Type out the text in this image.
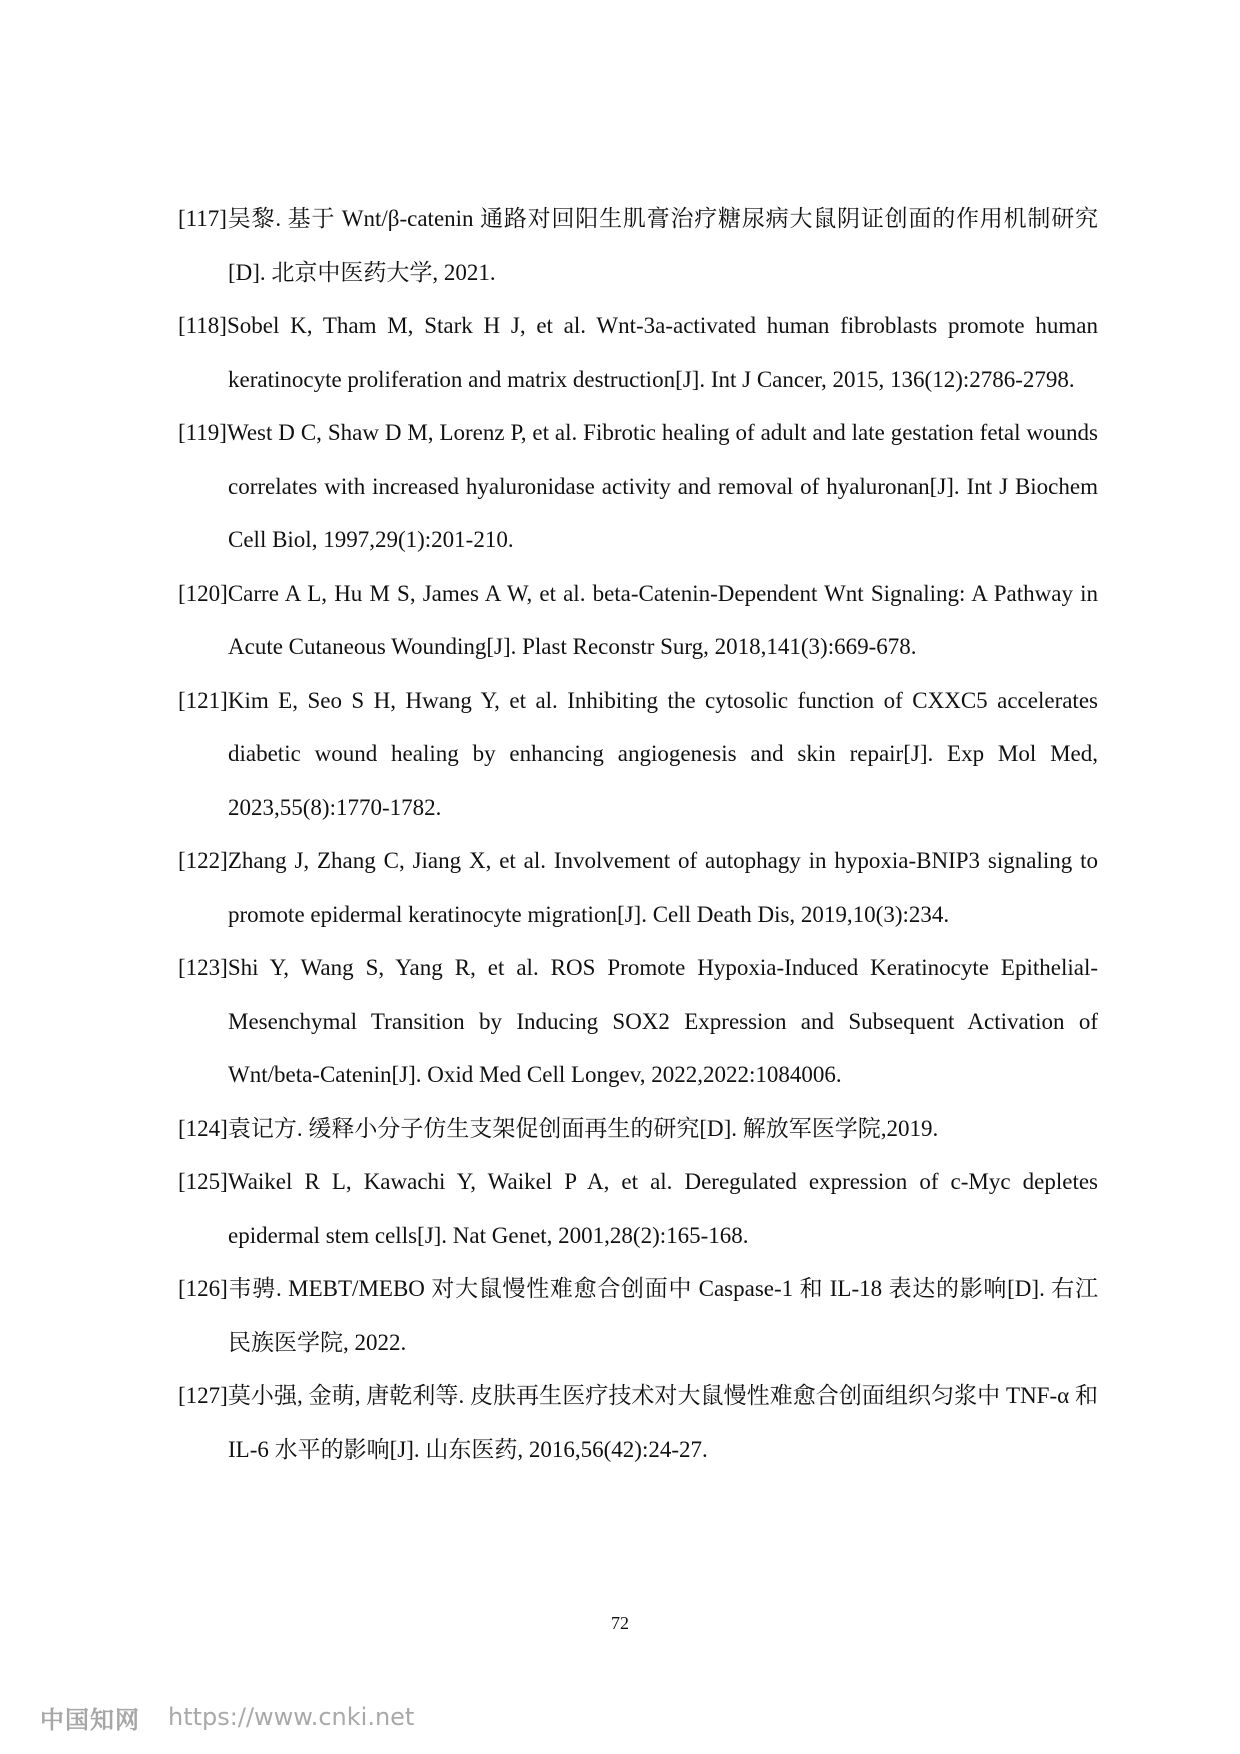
[117]吴黎. 基于 Wnt/β-catenin 通路对回阳生肌膏治疗糖尿病大鼠阴证创面的作用机制研究[D]. 北京中医药大学, 2021.
[118]Sobel K, Tham M, Stark H J, et al. Wnt-3a-activated human fibroblasts promote human keratinocyte proliferation and matrix destruction[J]. Int J Cancer, 2015, 136(12):2786-2798.
[119]West D C, Shaw D M, Lorenz P, et al. Fibrotic healing of adult and late gestation fetal wounds correlates with increased hyaluronidase activity and removal of hyaluronan[J]. Int J Biochem Cell Biol, 1997,29(1):201-210.
[120]Carre A L, Hu M S, James A W, et al. beta-Catenin-Dependent Wnt Signaling: A Pathway in Acute Cutaneous Wounding[J]. Plast Reconstr Surg, 2018,141(3):669-678.
[121]Kim E, Seo S H, Hwang Y, et al. Inhibiting the cytosolic function of CXXC5 accelerates diabetic wound healing by enhancing angiogenesis and skin repair[J]. Exp Mol Med, 2023,55(8):1770-1782.
[122]Zhang J, Zhang C, Jiang X, et al. Involvement of autophagy in hypoxia-BNIP3 signaling to promote epidermal keratinocyte migration[J]. Cell Death Dis, 2019,10(3):234.
[123]Shi Y, Wang S, Yang R, et al. ROS Promote Hypoxia-Induced Keratinocyte Epithelial-Mesenchymal Transition by Inducing SOX2 Expression and Subsequent Activation of Wnt/beta-Catenin[J]. Oxid Med Cell Longev, 2022,2022:1084006.
[124]袁记方. 缓释小分子仿生支架促创面再生的研究[D]. 解放军医学院,2019.
[125]Waikel R L, Kawachi Y, Waikel P A, et al. Deregulated expression of c-Myc depletes epidermal stem cells[J]. Nat Genet, 2001,28(2):165-168.
[126]韦骋. MEBT/MEBO 对大鼠慢性难愈合创面中 Caspase-1 和 IL-18 表达的影响[D]. 右江民族医学院, 2022.
[127]莫小强, 金萌, 唐乾利等. 皮肤再生医疗技术对大鼠慢性难愈合创面组织匀浆中 TNF-α 和 IL-6 水平的影响[J]. 山东医药, 2016,56(42):24-27.
72
中国知网 https://www.cnki.net
